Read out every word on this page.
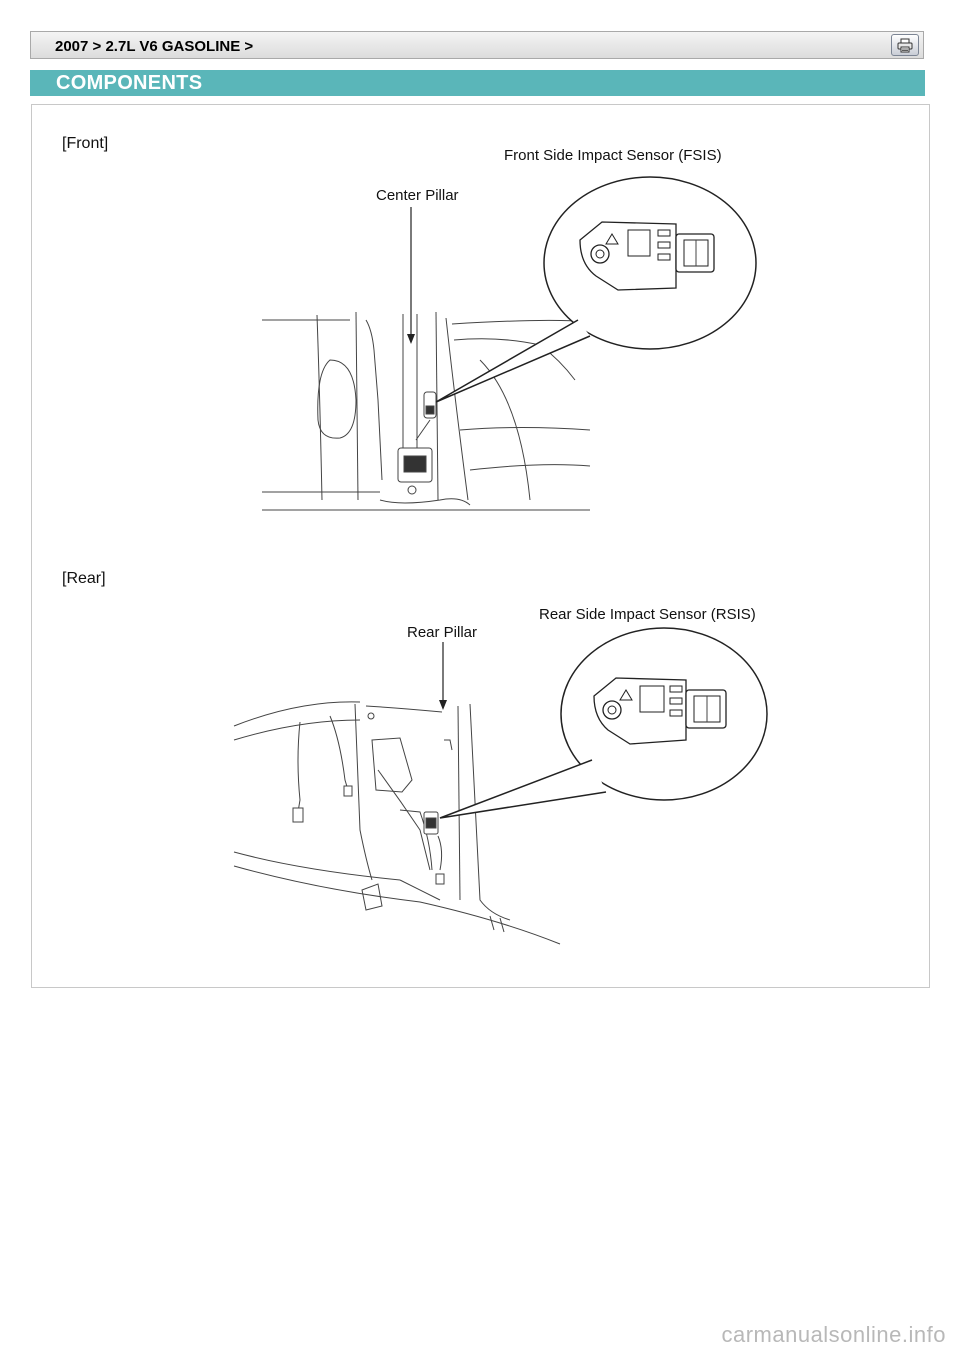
2007 > 2.7L V6 GASOLINE >
COMPONENTS
[Front]
Center Pillar
Front Side Impact Sensor (FSIS)
[Rear]
Rear Pillar
Rear Side Impact Sensor (RSIS)
carmanualsonline.info
